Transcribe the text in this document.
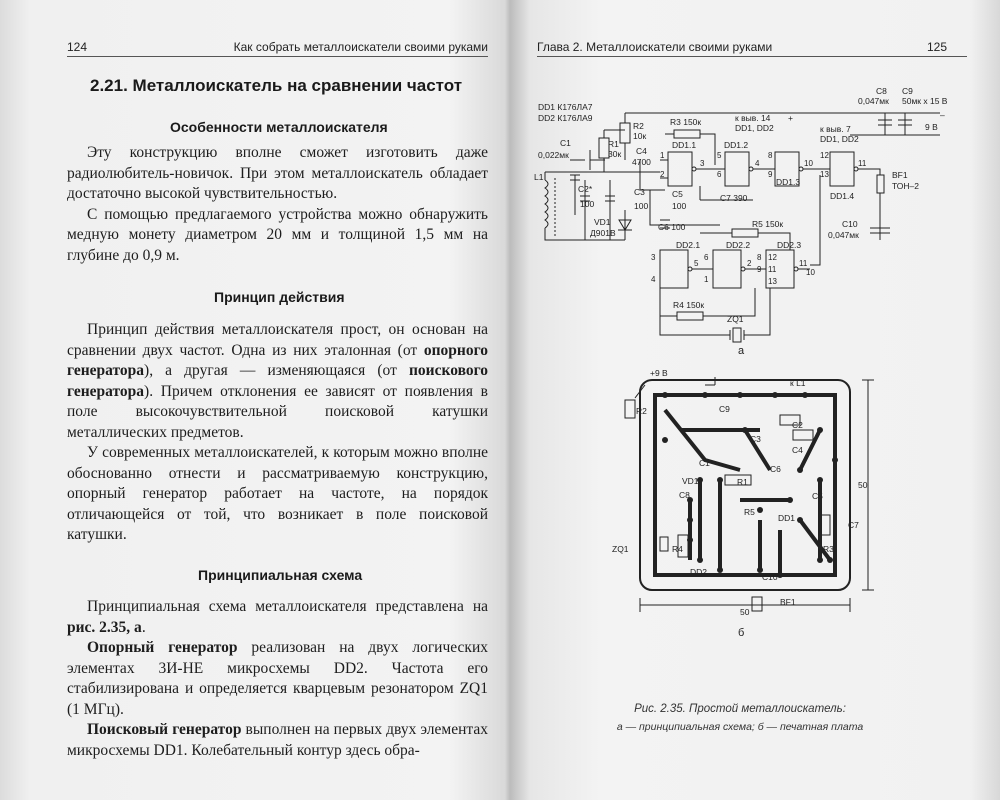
124	Как собрать металлоискатели своими руками
2.21. Металлоискатель на сравнении частот
Особенности металлоискателя

Эту конструкцию вполне сможет изготовить даже радиолюбитель-новичок. При этом металлоискатель обладает достаточно высокой чувствительностью.

С помощью предлагаемого устройства можно обнаружить медную монету диаметром 20 мм и толщиной 1,5 мм на глубине до 0,9 м.

Принцип действия

Принцип действия металлоискателя прост, он основан на сравнении двух частот. Одна из них эталонная (от опорного генератора), а другая — изменяющаяся (от поискового генератора). Причем отклонения ее зависят от появления в поле высокочувствительной поисковой катушки металлических предметов.

У современных металлоискателей, к которым можно вполне обоснованно отнести и рассматриваемую конструкцию, опорный генератор работает на частоте, на порядок отличающейся от той, что возникает в поле поисковой катушки.

Принципиальная схема

Принципиальная схема металлоискателя представлена на рис. 2.35, а.

Опорный генератор реализован на двух логических элементах 3И-НЕ микросхемы DD2. Частота его стабилизирована и определяется кварцевым резонатором ZQ1 (1 МГц).

Поисковый генератор выполнен на первых двух элементах микросхемы DD1. Колебательный контур здесь обра-

Глава 2. Металлоискатели своими руками	125
DD1 К176ЛА7
DD2 К176ЛА9	к выв. 14
DD1, DD2
+
к выв. 7
DD1, DD2
C8
0,047мк
C9
50мк х 15 В
9 В
–
R2
10к
R1
30к
C1
0,022мк	C4
4700
R3 150к
DD1.1	DD1.2
DD1.3
DD1.4
BF1
ТОН–2
L1
C2*
100
C3
100
C5
100
C7 390
C6 100
VD1
Д901В
C10
0,047мк
R5 150к
DD2.1	DD2.2	DD2.3
R4 150к
ZQ1
а
1
2
3
5
6
4
8
9
10
12
13
11
3
4
5
6
1
2
8
9
12
13
11
10
11
+9 В
к L1
R2	C9
C2
C3
C4
C1
VD1
C6
C8
R1
C5
R5
DD1
C7
ZQ1	R4	R3
DD2	C10
BF1
50
50
б
Рис. 2.35. Простой металлоискатель:
а — принципиальная схема; б — печатная плата
